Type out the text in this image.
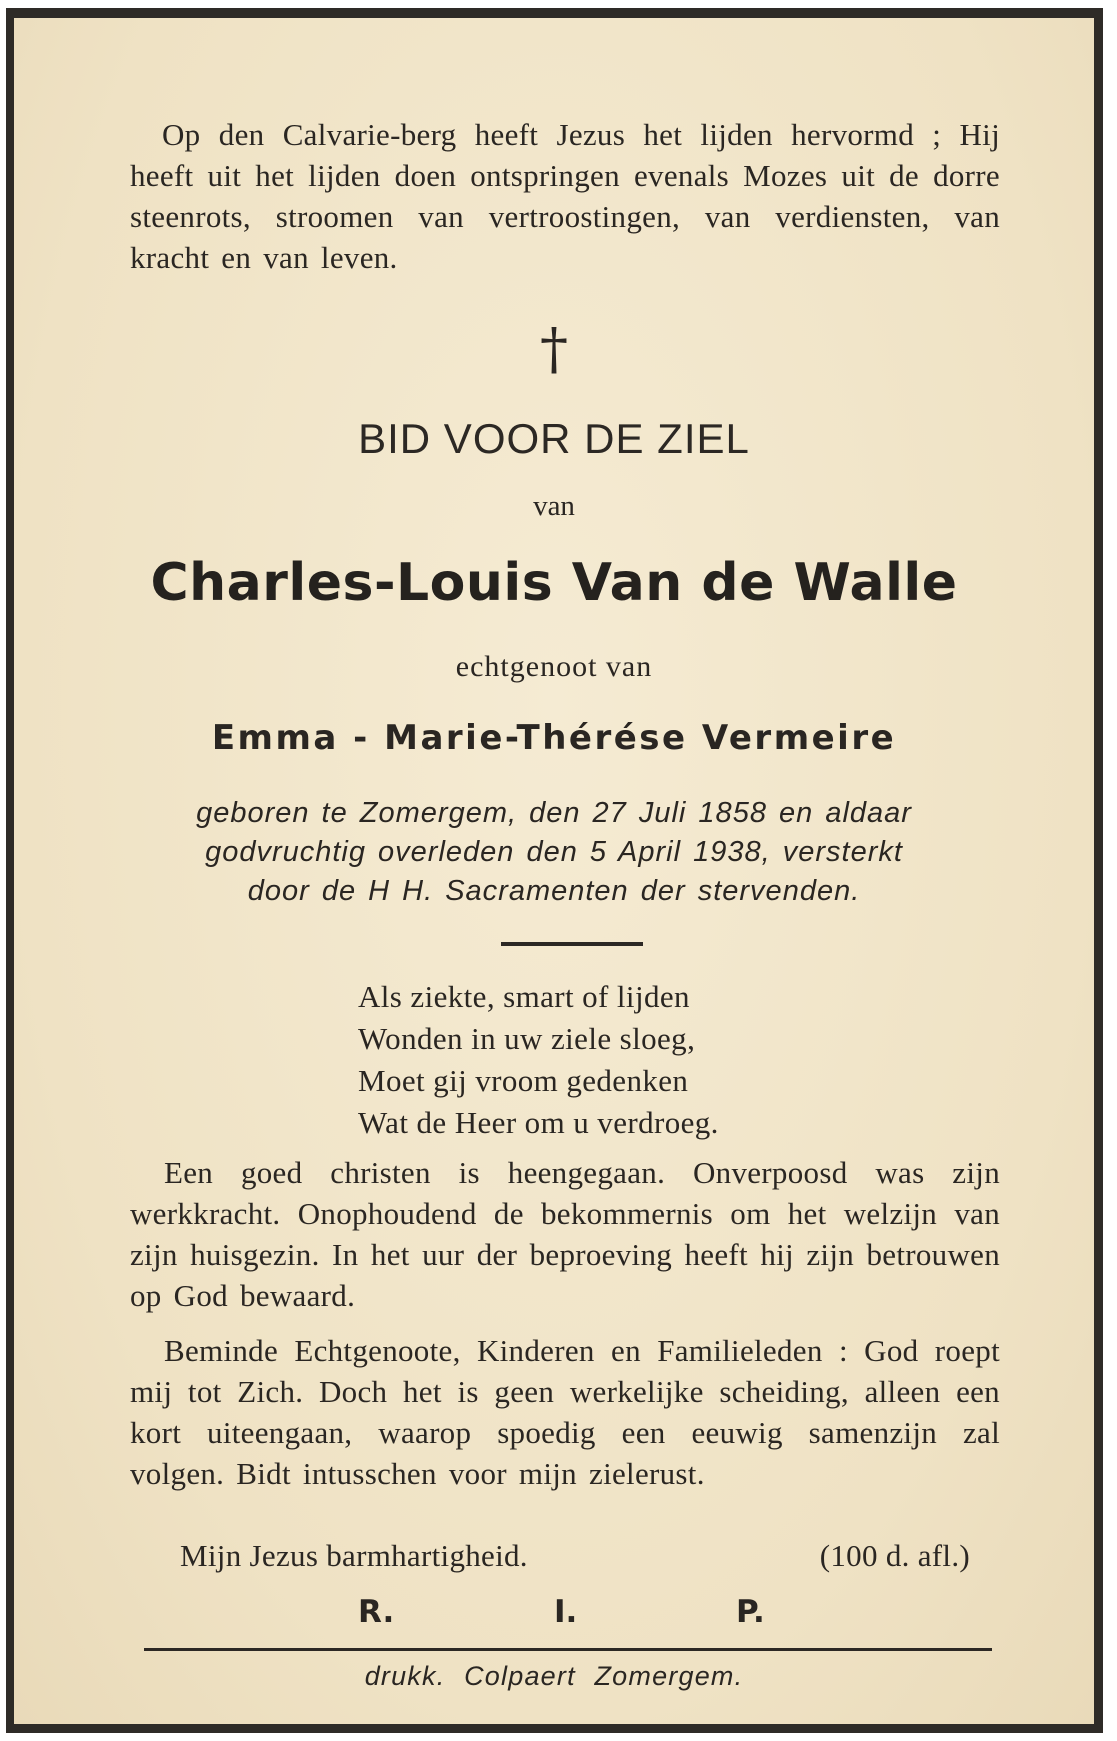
Op den Calvarie-berg heeft Jezus het lijden hervormd ; Hij heeft uit het lijden doen ontspringen evenals Mozes uit de dorre steenrots, stroomen van vertroostingen, van verdiensten, van kracht en van leven.

†

BID VOOR DE ZIEL

van

Charles-Louis Van de Walle

echtgenoot van

Emma - Marie-Thérése Vermeire

geboren te Zomergem, den 27 Juli 1858 en aldaar
godvruchtig overleden den 5 April 1938, versterkt
door de H H. Sacramenten der stervenden.
Als ziekte, smart of lijden
Wonden in uw ziele sloeg,
Moet gij vroom gedenken
Wat de Heer om u verdroeg.

Een goed christen is heengegaan. Onverpoosd was zijn werkkracht. Onophoudend de bekommernis om het welzijn van zijn huisgezin. In het uur der beproeving heeft hij zijn betrouwen op God bewaard.

Beminde Echtgenoote, Kinderen en Familieleden : God roept mij tot Zich. Doch het is geen werkelijke scheiding, alleen een kort uiteengaan, waarop spoedig een eeuwig samenzijn zal volgen. Bidt intusschen voor mijn zielerust.

Mijn Jezus barmhartigheid.	(100 d. afl.)
R.	I.	P.

drukk. Colpaert Zomergem.
